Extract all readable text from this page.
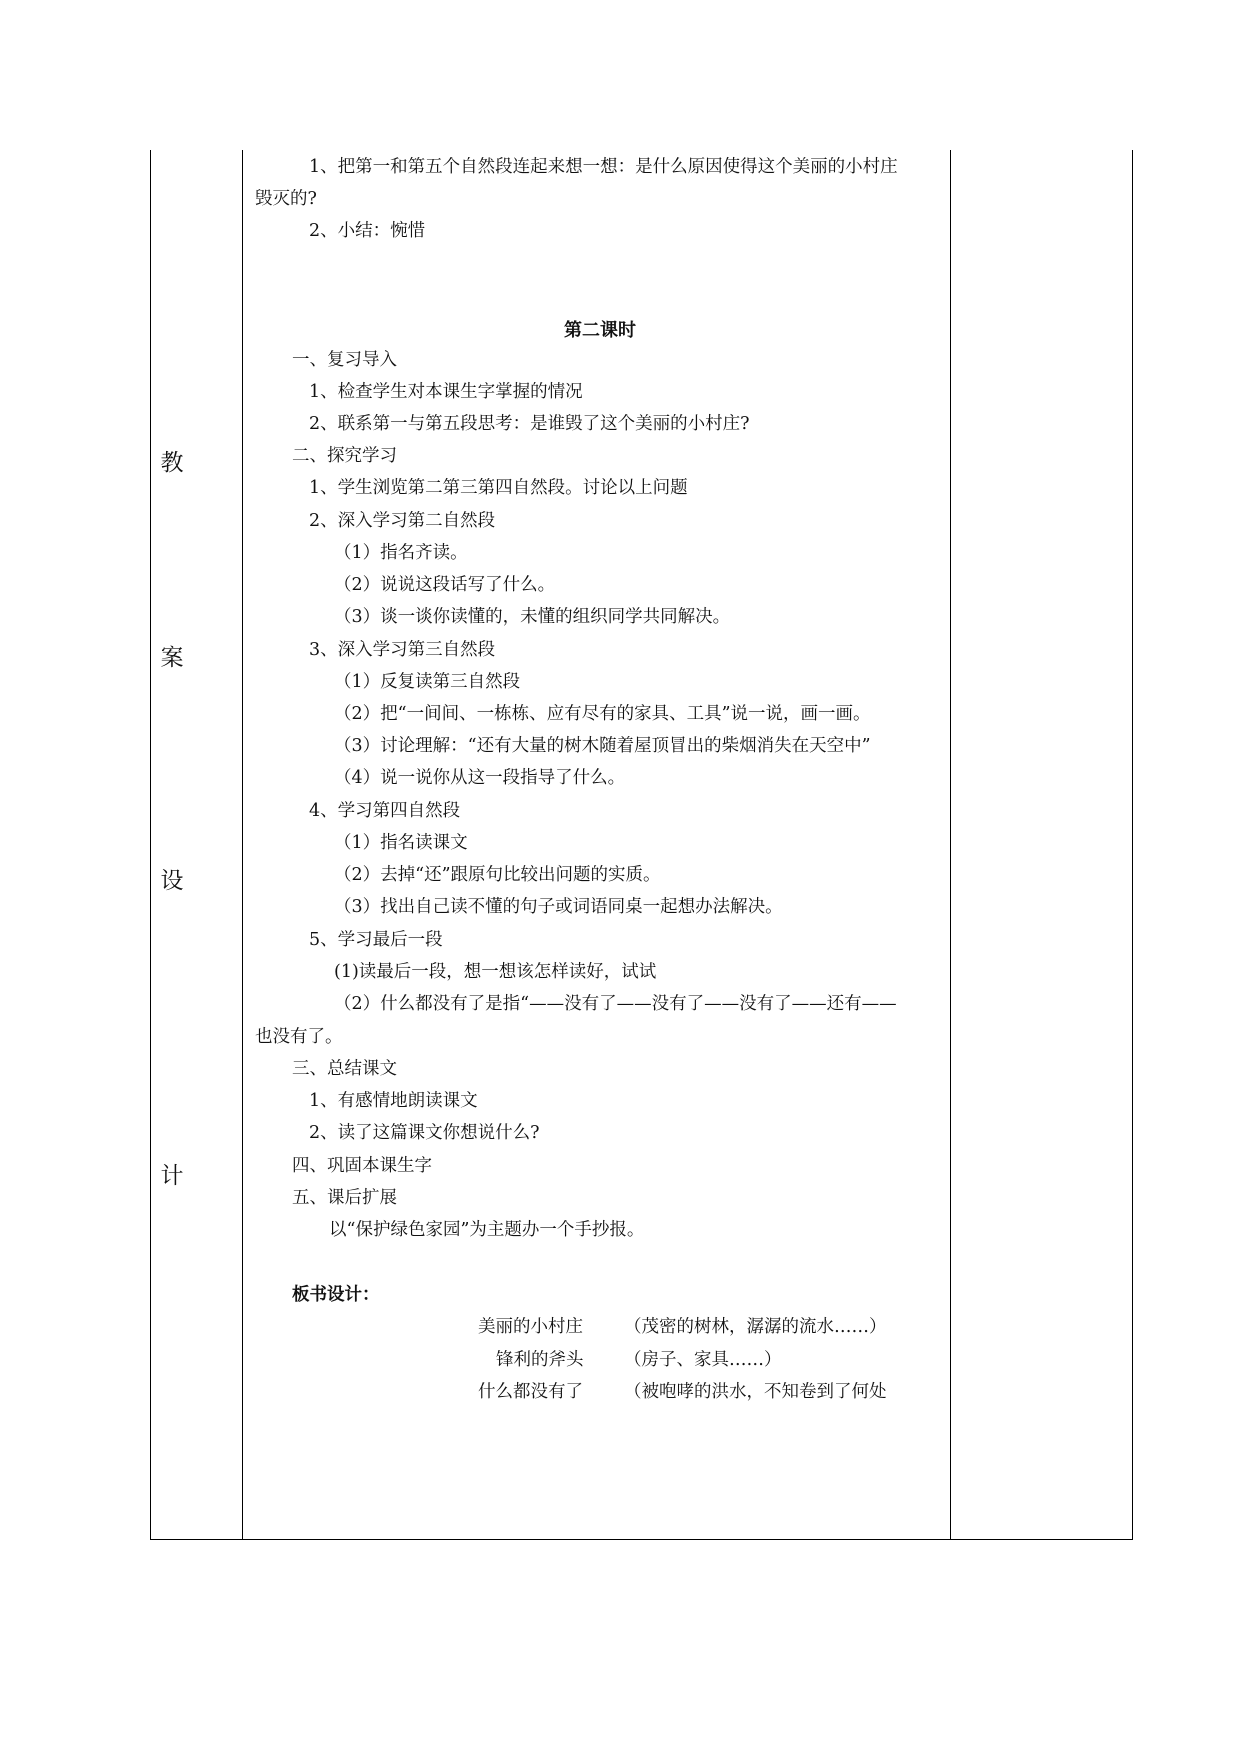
教
案
设
计
1、把第一和第五个自然段连起来想一想：是什么原因使得这个美丽的小村庄
毁灭的?
2、小结：惋惜
第二课时
一、复习导入
1、检查学生对本课生字掌握的情况
2、联系第一与第五段思考：是谁毁了这个美丽的小村庄?
二、探究学习
1、学生浏览第二第三第四自然段。讨论以上问题
2、深入学习第二自然段
（1）指名齐读。
（2）说说这段话写了什么。
（3）谈一谈你读懂的，未懂的组织同学共同解决。
3、深入学习第三自然段
（1）反复读第三自然段
（2）把“一间间、一栋栋、应有尽有的家具、工具”说一说，画一画。
（3）讨论理解：“还有大量的树木随着屋顶冒出的柴烟消失在天空中”
（4）说一说你从这一段指导了什么。
4、学习第四自然段
（1）指名读课文
（2）去掉“还”跟原句比较出问题的实质。
（3）找出自己读不懂的句子或词语同桌一起想办法解决。
5、学习最后一段
(1)读最后一段，想一想该怎样读好，试试
（2）什么都没有了是指“——没有了——没有了——没有了——还有——
也没有了。
三、总结课文
1、有感情地朗读课文
2、读了这篇课文你想说什么?
四、巩固本课生字
五、课后扩展
以“保护绿色家园”为主题办一个手抄报。
板书设计：
美丽的小村庄 （茂密的树林，潺潺的流水……）
锋利的斧头 （房子、家具……）
什么都没有了 （被咆哮的洪水，不知卷到了何处
